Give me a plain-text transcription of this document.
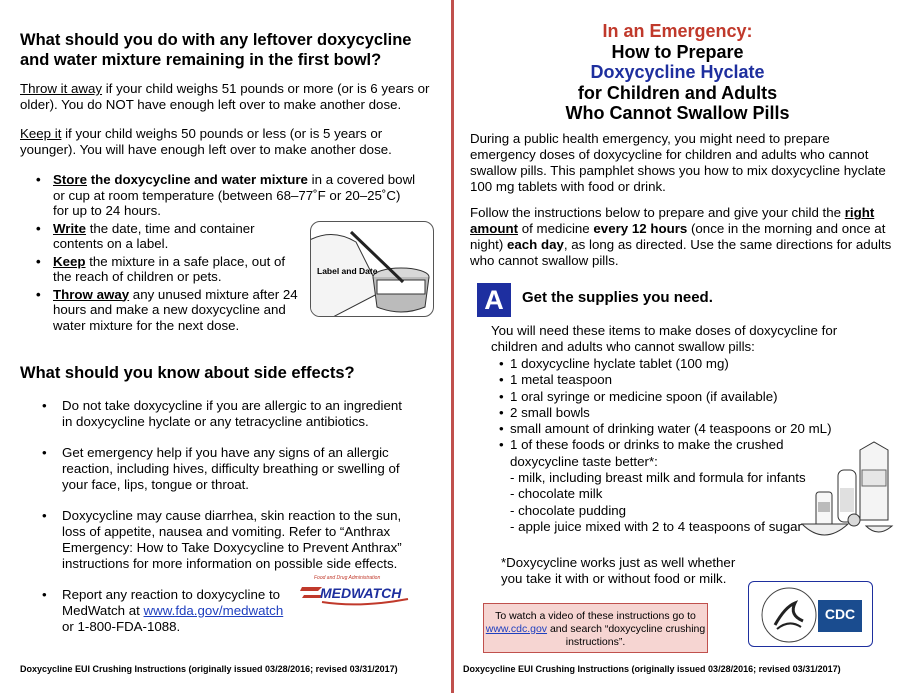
What should you do with any leftover doxycycline and water mixture remaining in the first bowl?
Throw it away if your child weighs 51 pounds or more (or is 6 years or older). You do NOT have enough left over to make another dose.
Keep it if your child weighs 50 pounds or less (or is 5 years or younger). You will have enough left over to make another dose.
• Store the doxycycline and water mixture in a covered bowl or cup at room temperature (between 68–77˚F or 20–25˚C) for up to 24 hours.
• Write the date, time and container contents on a label.
• Keep the mixture in a safe place, out of the reach of children or pets.
• Throw away any unused mixture after 24 hours and make a new doxycycline and water mixture for the next dose.
Label and Date
What should you know about side effects?
• Do not take doxycycline if you are allergic to an ingredient in doxycycline hyclate or any tetracycline antibiotics.
• Get emergency help if you have any signs of an allergic reaction, including hives, difficulty breathing or swelling of your face, lips, tongue or throat.
• Doxycycline may cause diarrhea, skin reaction to the sun, loss of appetite, nausea and vomiting. Refer to “Anthrax Emergency: How to Take Doxycycline to Prevent Anthrax” instructions for more information on possible side effects.
• Report any reaction to doxycycline to MedWatch at www.fda.gov/medwatch or 1-800-FDA-1088.
Food and Drug Administration
MEDWATCH
Doxycycline EUI Crushing Instructions (originally issued 03/28/2016; revised 03/31/2017)
In an Emergency:
How to Prepare
Doxycycline Hyclate
for Children and Adults
Who Cannot Swallow Pills
During a public health emergency, you might need to prepare emergency doses of doxycycline for children and adults who cannot swallow pills. This pamphlet shows you how to mix doxycycline hyclate 100 mg tablets with food or drink.
Follow the instructions below to prepare and give your child the right amount of medicine every 12 hours (once in the morning and once at night) each day, as long as directed. Use the same directions for adults who cannot swallow pills.
A	Get the supplies you need.
You will need these items to make doses of doxycycline for children and adults who cannot swallow pills:
• 1 doxycycline hyclate tablet (100 mg)
• 1 metal teaspoon
• 1 oral syringe or medicine spoon (if available)
• 2 small bowls
• small amount of drinking water (4 teaspoons or 20 mL)
• 1 of these foods or drinks to make the crushed
doxycycline taste better*:
- milk, including breast milk and formula for infants
- chocolate milk
- chocolate pudding
- apple juice mixed with 2 to 4 teaspoons of sugar
*Doxycycline works just as well whether you take it with or without food or milk.
To watch a video of these instructions go to www.cdc.gov and search “doxycycline crushing instructions”.
CDC
Doxycycline EUI Crushing Instructions (originally issued 03/28/2016; revised 03/31/2017)
